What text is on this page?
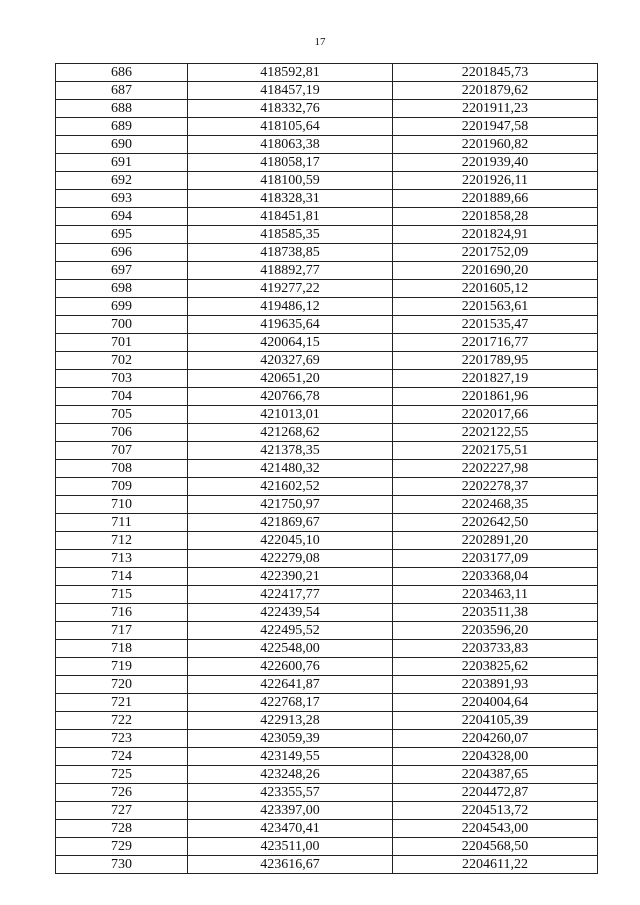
17
686	418592,81	2201845,73
687	418457,19	2201879,62
688	418332,76	2201911,23
689	418105,64	2201947,58
690	418063,38	2201960,82
691	418058,17	2201939,40
692	418100,59	2201926,11
693	418328,31	2201889,66
694	418451,81	2201858,28
695	418585,35	2201824,91
696	418738,85	2201752,09
697	418892,77	2201690,20
698	419277,22	2201605,12
699	419486,12	2201563,61
700	419635,64	2201535,47
701	420064,15	2201716,77
702	420327,69	2201789,95
703	420651,20	2201827,19
704	420766,78	2201861,96
705	421013,01	2202017,66
706	421268,62	2202122,55
707	421378,35	2202175,51
708	421480,32	2202227,98
709	421602,52	2202278,37
710	421750,97	2202468,35
711	421869,67	2202642,50
712	422045,10	2202891,20
713	422279,08	2203177,09
714	422390,21	2203368,04
715	422417,77	2203463,11
716	422439,54	2203511,38
717	422495,52	2203596,20
718	422548,00	2203733,83
719	422600,76	2203825,62
720	422641,87	2203891,93
721	422768,17	2204004,64
722	422913,28	2204105,39
723	423059,39	2204260,07
724	423149,55	2204328,00
725	423248,26	2204387,65
726	423355,57	2204472,87
727	423397,00	2204513,72
728	423470,41	2204543,00
729	423511,00	2204568,50
730	423616,67	2204611,22
